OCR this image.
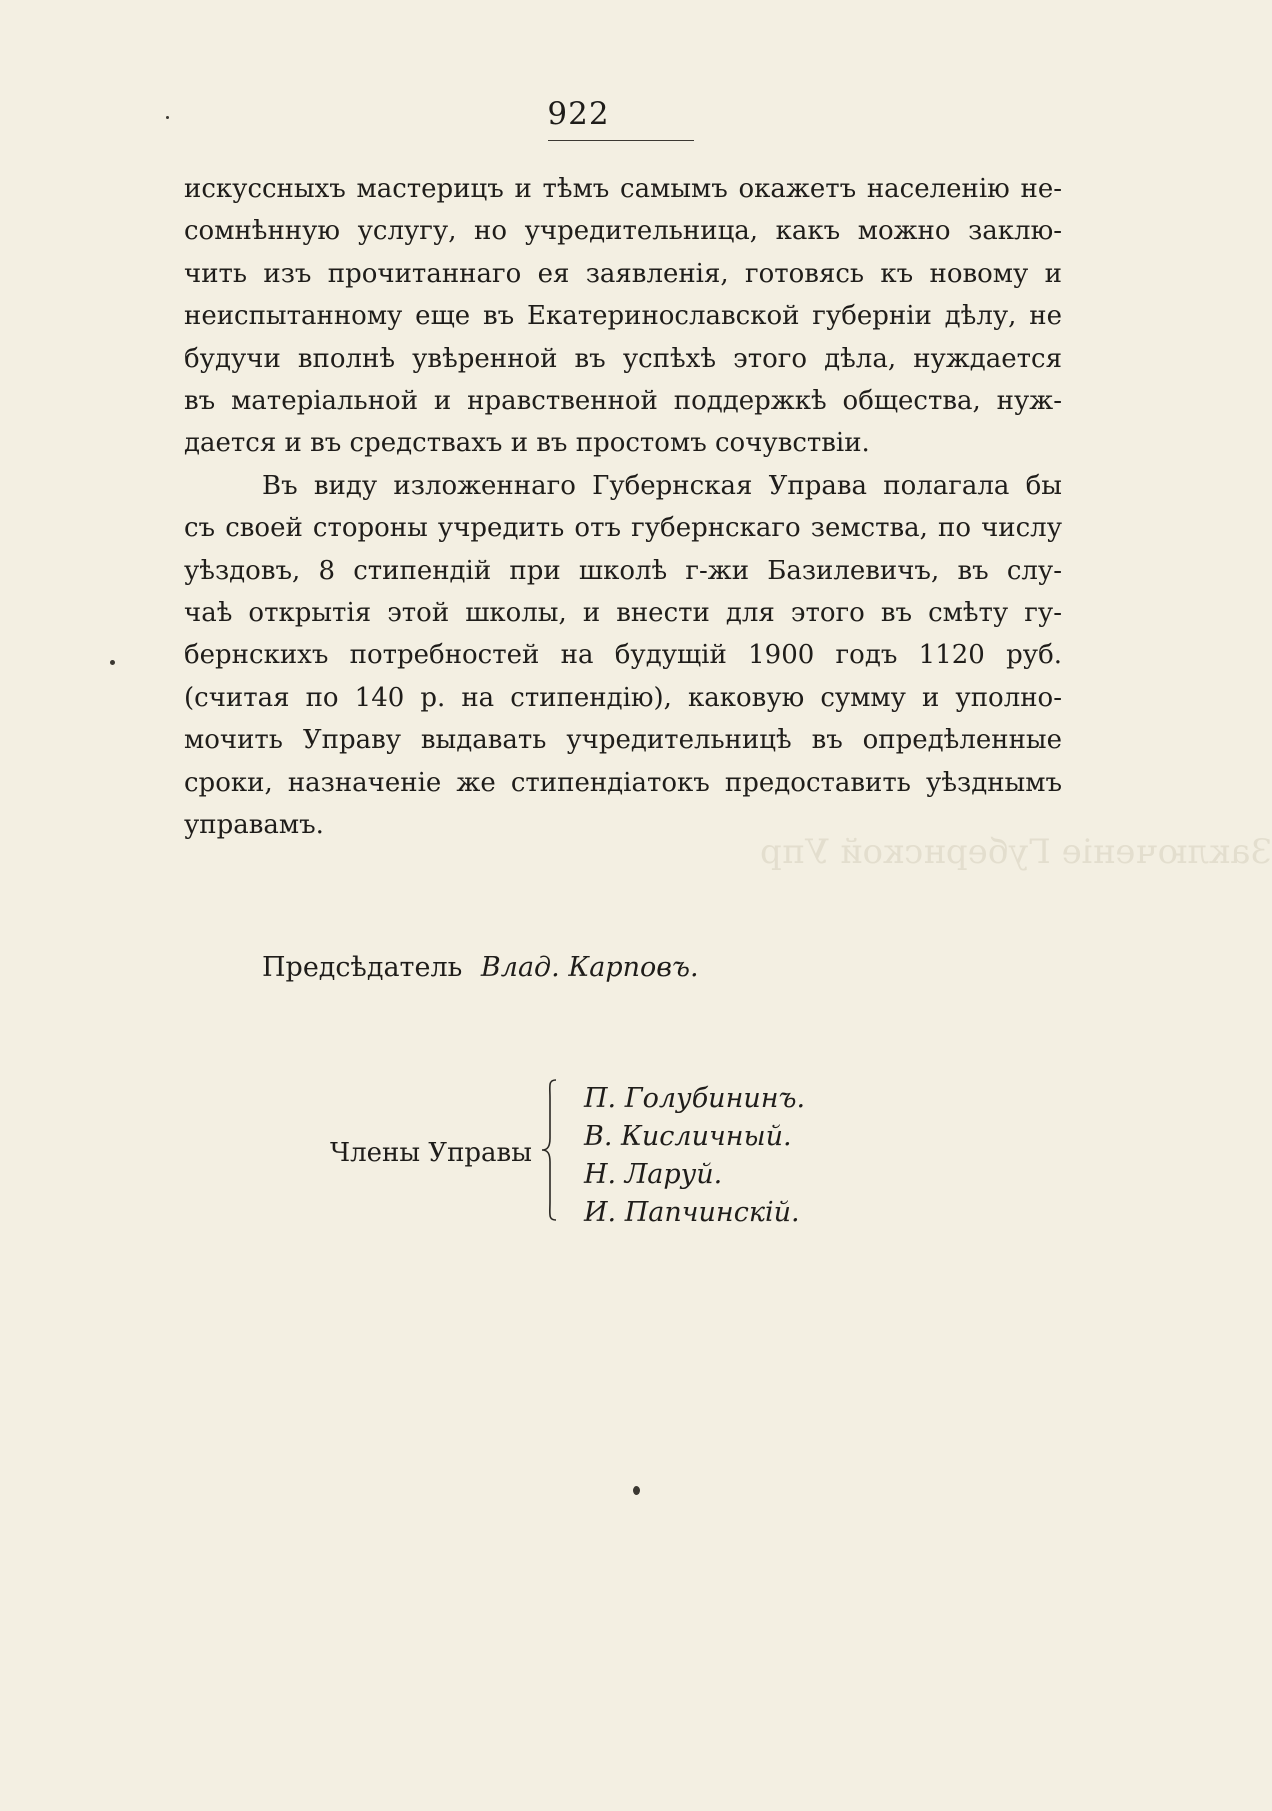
Заключеніе Губернской Упр
922

искуссныхъ мастерицъ и тѣмъ самымъ окажетъ населенію не-
сомнѣнную услугу, но учредительница, какъ можно заклю-
чить изъ прочитаннаго ея заявленія, готовясь къ новому и
неиспытанному еще въ Екатеринославской губерніи дѣлу, не
будучи вполнѣ увѣренной въ успѣхѣ этого дѣла, нуждается
въ матеріальной и нравственной поддержкѣ общества, нуж-
дается и въ средствахъ и въ простомъ сочувствіи.

Въ виду изложеннаго Губернская Управа полагала бы
съ своей стороны учредить отъ губернскаго земства, по числу
уѣздовъ, 8 стипендій при школѣ г-жи Базилевичъ, въ слу-
чаѣ открытія этой школы, и внести для этого въ смѣту гу-
бернскихъ потребностей на будущій 1900 годъ 1120 руб.
(считая по 140 р. на стипендію), каковую сумму и уполно-
мочить Управу выдавать учредительницѣ въ опредѣленные
сроки, назначеніе же стипендіатокъ предоставить уѣзднымъ
управамъ.

Предсѣдатель Влад. Карповъ.
Члены Управы
П. Голубининъ.
В. Кисличный.
Н. Ларуй.
И. Папчинскій.
